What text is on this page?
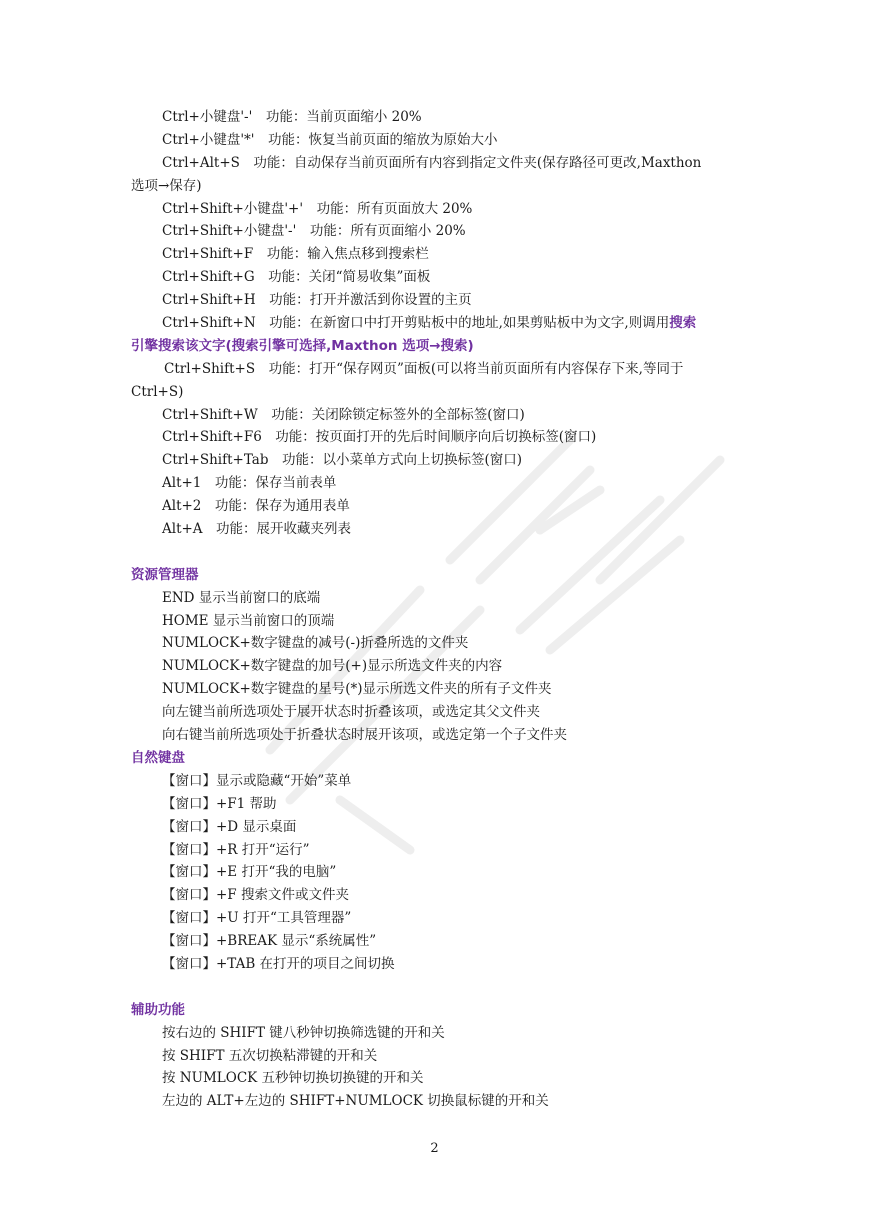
Ctrl+小键盘'-'　功能：当前页面缩小 20%
Ctrl+小键盘'*'　功能：恢复当前页面的缩放为原始大小
Ctrl+Alt+S　功能：自动保存当前页面所有内容到指定文件夹(保存路径可更改,Maxthon
选项→保存)
Ctrl+Shift+小键盘'+'　功能：所有页面放大 20%
Ctrl+Shift+小键盘'-'　功能：所有页面缩小 20%
Ctrl+Shift+F　功能：输入焦点移到搜索栏
Ctrl+Shift+G　功能：关闭“简易收集”面板
Ctrl+Shift+H　功能：打开并激活到你设置的主页
Ctrl+Shift+N　功能：在新窗口中打开剪贴板中的地址,如果剪贴板中为文字,则调用搜索
引擎搜索该文字(搜索引擎可选择,Maxthon 选项→搜索)
Ctrl+Shift+S　功能：打开“保存网页”面板(可以将当前页面所有内容保存下来,等同于
Ctrl+S)
Ctrl+Shift+W　功能：关闭除锁定标签外的全部标签(窗口)
Ctrl+Shift+F6　功能：按页面打开的先后时间顺序向后切换标签(窗口)
Ctrl+Shift+Tab　功能：以小菜单方式向上切换标签(窗口)
Alt+1　功能：保存当前表单
Alt+2　功能：保存为通用表单
Alt+A　功能：展开收藏夹列表
资源管理器
END 显示当前窗口的底端
HOME 显示当前窗口的顶端
NUMLOCK+数字键盘的减号(-)折叠所选的文件夹
NUMLOCK+数字键盘的加号(+)显示所选文件夹的内容
NUMLOCK+数字键盘的星号(*)显示所选文件夹的所有子文件夹
向左键当前所选项处于展开状态时折叠该项，或选定其父文件夹
向右键当前所选项处于折叠状态时展开该项，或选定第一个子文件夹
自然键盘
【窗口】显示或隐藏“开始”菜单
【窗口】+F1 帮助
【窗口】+D 显示桌面
【窗口】+R 打开“运行”
【窗口】+E 打开“我的电脑”
【窗口】+F 搜索文件或文件夹
【窗口】+U 打开“工具管理器”
【窗口】+BREAK 显示“系统属性”
【窗口】+TAB 在打开的项目之间切换
辅助功能
按右边的 SHIFT 键八秒钟切换筛选键的开和关
按 SHIFT 五次切换粘滞键的开和关
按 NUMLOCK 五秒钟切换切换键的开和关
左边的 ALT+左边的 SHIFT+NUMLOCK 切换鼠标键的开和关
2
